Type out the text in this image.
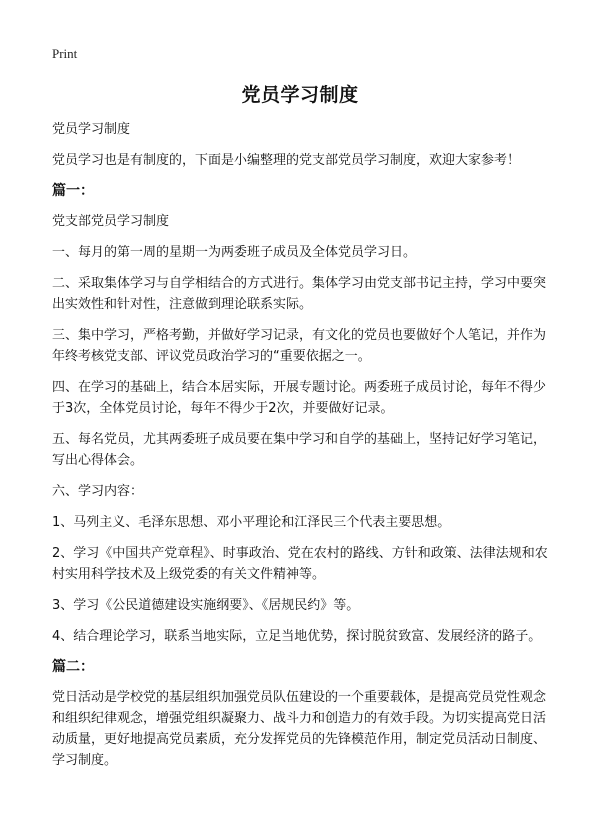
Print
党员学习制度

党员学习制度

党员学习也是有制度的，下面是小编整理的党支部党员学习制度，欢迎大家参考！

篇一：

党支部党员学习制度

一、每月的第一周的星期一为两委班子成员及全体党员学习日。

二、采取集体学习与自学相结合的方式进行。集体学习由党支部书记主持，学习中要突出实效性和针对性，注意做到理论联系实际。

三、集中学习，严格考勤，并做好学习记录，有文化的党员也要做好个人笔记，并作为年终考核党支部、评议党员政治学习的“重要依据之一。

四、在学习的基础上，结合本居实际，开展专题讨论。两委班子成员讨论，每年不得少于3次，全体党员讨论，每年不得少于2次，并要做好记录。

五、每名党员，尤其两委班子成员要在集中学习和自学的基础上，坚持记好学习笔记，写出心得体会。

六、学习内容：

1、马列主义、毛泽东思想、邓小平理论和江泽民三个代表主要思想。

2、学习《中国共产党章程》、时事政治、党在农村的路线、方针和政策、法律法规和农村实用科学技术及上级党委的有关文件精神等。

3、学习《公民道德建设实施纲要》、《居规民约》等。

4、结合理论学习，联系当地实际，立足当地优势，探讨脱贫致富、发展经济的路子。

篇二：

党日活动是学校党的基层组织加强党员队伍建设的一个重要载体，是提高党员党性观念和组织纪律观念，增强党组织凝聚力、战斗力和创造力的有效手段。为切实提高党日活动质量，更好地提高党员素质，充分发挥党员的先锋模范作用，制定党员活动日制度、学习制度。
